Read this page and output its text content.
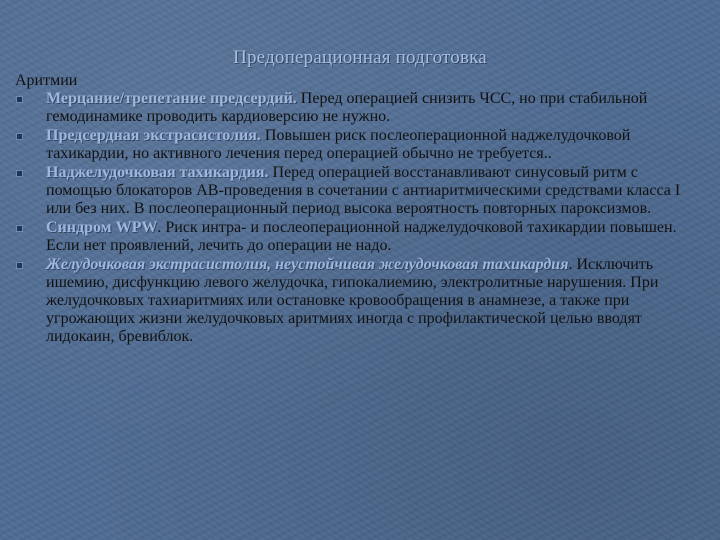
Предоперационная подготовка
Аритмии
Мерцание/трепетание предсердий. Перед операцией снизить ЧСС, но при стабильной гемодинамике проводить кардиоверсию не нужно.
Предсердная экстрасистолия. Повышен риск послеоперационной наджелудочковой тахикардии, но активного лечения перед операцией обычно не требуется..
Наджелудочковая тахикардия. Перед операцией восстанавливают синусовый ритм с помощью блокаторов АВ-проведения в сочетании с антиаритмическими средствами класса I или без них. В послеоперационный период высока вероятность повторных пароксизмов.
Синдром WPW. Риск интра- и послеоперационной наджелудочковой тахикардии повышен. Если нет проявлений, лечить до операции не надо.
Желудочковая экстрасистолия, неустойчивая желудочковая тахикардия. Исключить ишемию, дисфункцию левого желудочка, гипокалиемию, электролитные нарушения. При желудочковых тахиаритмиях или остановке кровообращения в анамнезе, а также при угрожающих жизни желудочковых аритмиях иногда с профилактической целью вводят лидокаин, бревиблок.
